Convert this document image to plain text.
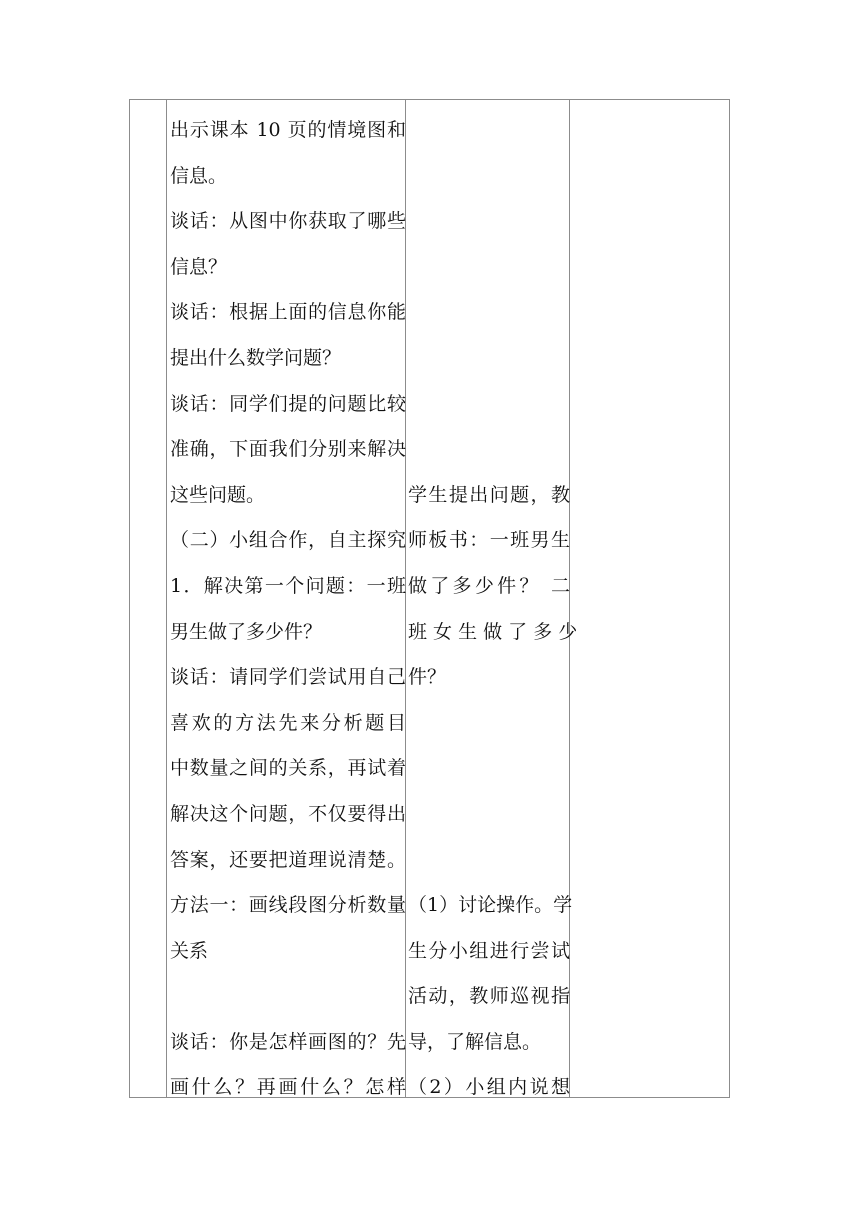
出示课本 10 页的情境图和
信息。
谈话：从图中你获取了哪些
信息？
谈话：根据上面的信息你能
提出什么数学问题？
谈话：同学们提的问题比较
准确，下面我们分别来解决
这些问题。
（二）小组合作，自主探究
1．解决第一个问题：一班
男生做了多少件？
谈话：请同学们尝试用自己
喜欢的方法先来分析题目
中数量之间的关系，再试着
解决这个问题，不仅要得出
答案，还要把道理说清楚。
方法一：画线段图分析数量
关系
谈话：你是怎样画图的？先
画什么？再画什么？怎样
学生提出问题，教
师板书：一班男生
做了多少件？ 二
班 女 生 做 了 多 少
件？
（1）讨论操作。学
生分小组进行尝试
活动，教师巡视指
导，了解信息。
（2）小组内说想
